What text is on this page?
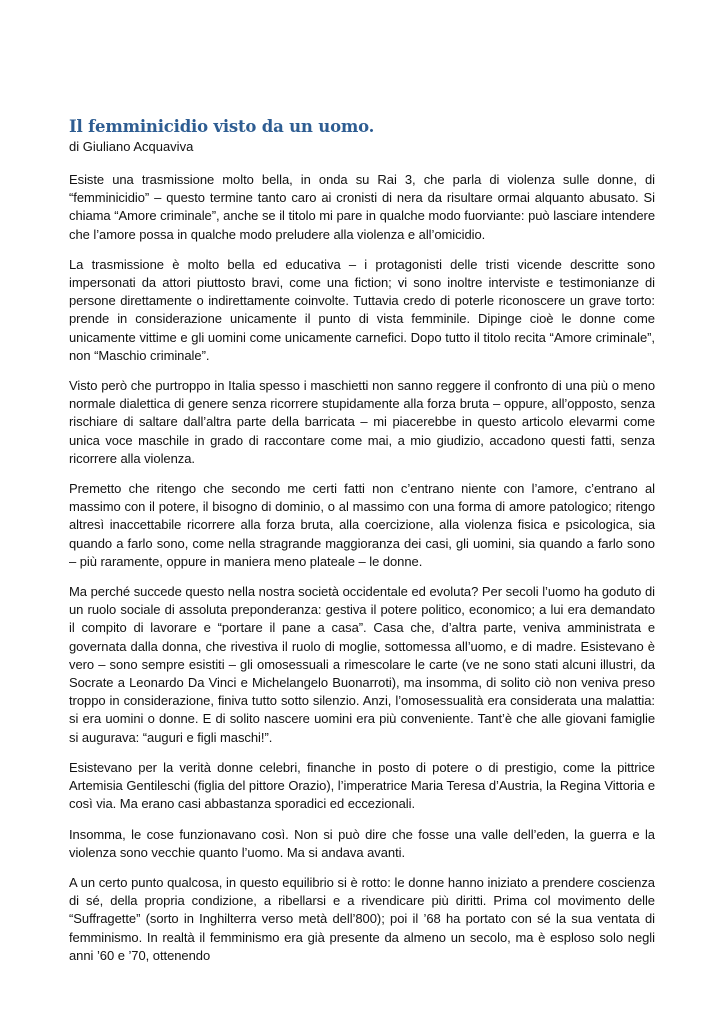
Il femminicidio visto da un uomo.

di Giuliano Acquaviva

Esiste una trasmissione molto bella, in onda su Rai 3, che parla di violenza sulle donne, di “femminicidio” – questo termine tanto caro ai cronisti di nera da risultare ormai alquanto abusato. Si chiama “Amore criminale”, anche se il titolo mi pare in qualche modo fuorviante: può lasciare intendere che l’amore possa in qualche modo preludere alla violenza e all’omicidio.

La trasmissione è molto bella ed educativa – i protagonisti delle tristi vicende descritte sono impersonati da attori piuttosto bravi, come una fiction; vi sono inoltre interviste e testimonianze di persone direttamente o indirettamente coinvolte. Tuttavia credo di poterle riconoscere un grave torto: prende in considerazione unicamente il punto di vista femminile. Dipinge cioè le donne come unicamente vittime e gli uomini come unicamente carnefici. Dopo tutto il titolo recita “Amore criminale”, non “Maschio criminale”.

Visto però che purtroppo in Italia spesso i maschietti non sanno reggere il confronto di una più o meno normale dialettica di genere senza ricorrere stupidamente alla forza bruta – oppure, all’opposto, senza rischiare di saltare dall’altra parte della barricata – mi piacerebbe in questo articolo elevarmi come unica voce maschile in grado di raccontare come mai, a mio giudizio, accadono questi fatti, senza ricorrere alla violenza.

Premetto che ritengo che secondo me certi fatti non c’entrano niente con l’amore, c’entrano al massimo con il potere, il bisogno di dominio, o al massimo con una forma di amore patologico; ritengo altresì inaccettabile ricorrere alla forza bruta, alla coercizione, alla violenza fisica e psicologica, sia quando a farlo sono, come nella stragrande maggioranza dei casi, gli uomini, sia quando a farlo sono – più raramente, oppure in maniera meno plateale – le donne.

Ma perché succede questo nella nostra società occidentale ed evoluta? Per secoli l’uomo ha goduto di un ruolo sociale di assoluta preponderanza: gestiva il potere politico, economico; a lui era demandato il compito di lavorare e “portare il pane a casa”. Casa che, d’altra parte, veniva amministrata e governata dalla donna, che rivestiva il ruolo di moglie, sottomessa all’uomo, e di madre. Esistevano è vero – sono sempre esistiti – gli omosessuali a rimescolare le carte (ve ne sono stati alcuni illustri, da Socrate a Leonardo Da Vinci e Michelangelo Buonarroti), ma insomma, di solito ciò non veniva preso troppo in considerazione, finiva tutto sotto silenzio. Anzi, l’omosessualità era considerata una malattia: si era uomini o donne. E di solito nascere uomini era più conveniente. Tant’è che alle giovani famiglie si augurava: “auguri e figli maschi!”.

Esistevano per la verità donne celebri, finanche in posto di potere o di prestigio, come la pittrice Artemisia Gentileschi (figlia del pittore Orazio), l’imperatrice Maria Teresa d’Austria, la Regina Vittoria e così via. Ma erano casi abbastanza sporadici ed eccezionali.

Insomma, le cose funzionavano così. Non si può dire che fosse una valle dell’eden, la guerra e la violenza sono vecchie quanto l’uomo. Ma si andava avanti.

A un certo punto qualcosa, in questo equilibrio si è rotto: le donne hanno iniziato a prendere coscienza di sé, della propria condizione, a ribellarsi e a rivendicare più diritti. Prima col movimento delle “Suffragette” (sorto in Inghilterra verso metà dell’800); poi il ’68 ha portato con sé la sua ventata di femminismo. In realtà il femminismo era già presente da almeno un secolo, ma è esploso solo negli anni ’60 e ’70, ottenendo
